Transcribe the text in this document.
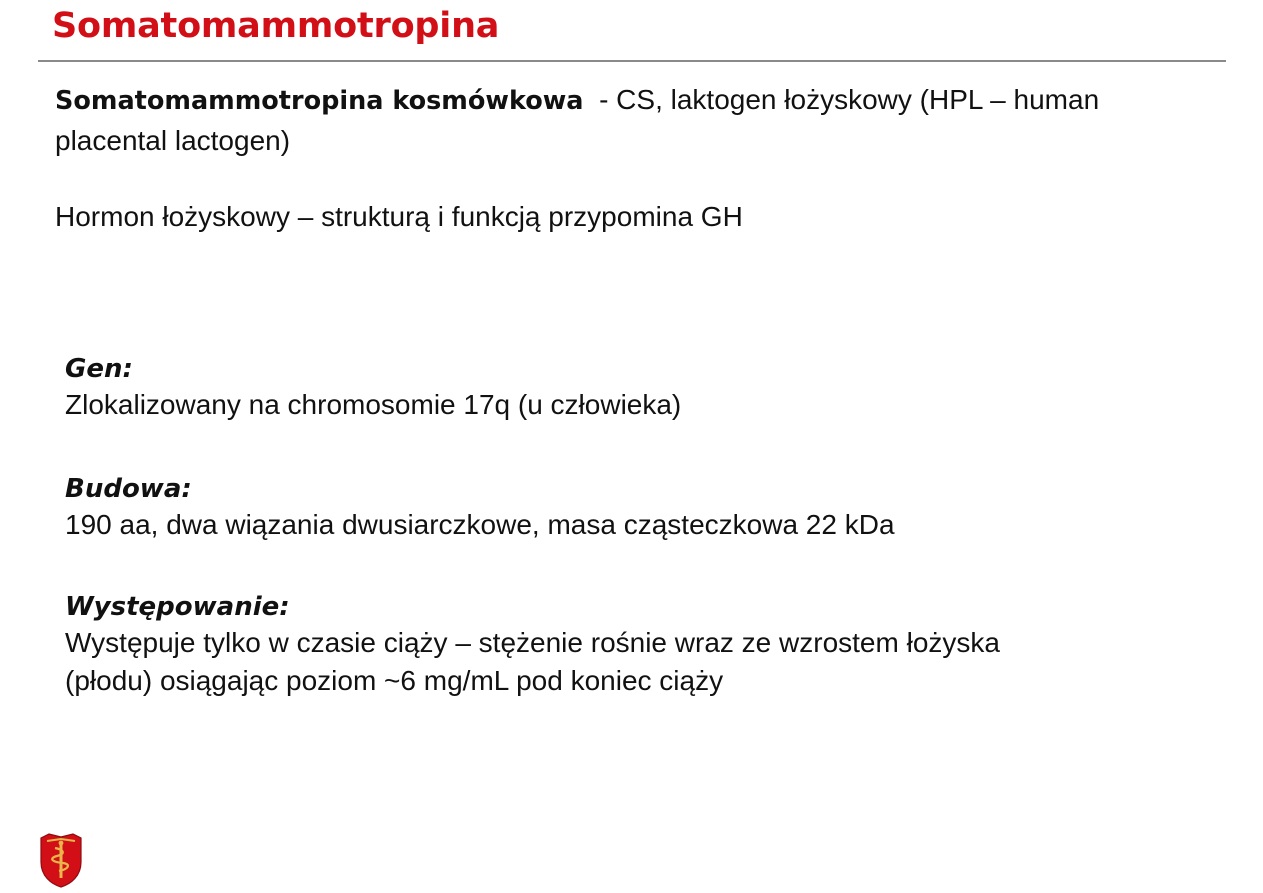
Somatomammotropina

Somatomammotropina kosmówkowa - CS, laktogen łożyskowy (HPL – human placental lactogen)

Hormon łożyskowy – strukturą i funkcją przypomina GH

Gen:
Zlokalizowany na chromosomie 17q (u człowieka)
Budowa:
190 aa, dwa wiązania dwusiarczkowe, masa cząsteczkowa 22 kDa
Występowanie:
Występuje tylko w czasie ciąży – stężenie rośnie wraz ze wzrostem łożyska
(płodu) osiągając poziom ~6 mg/mL pod koniec ciąży
